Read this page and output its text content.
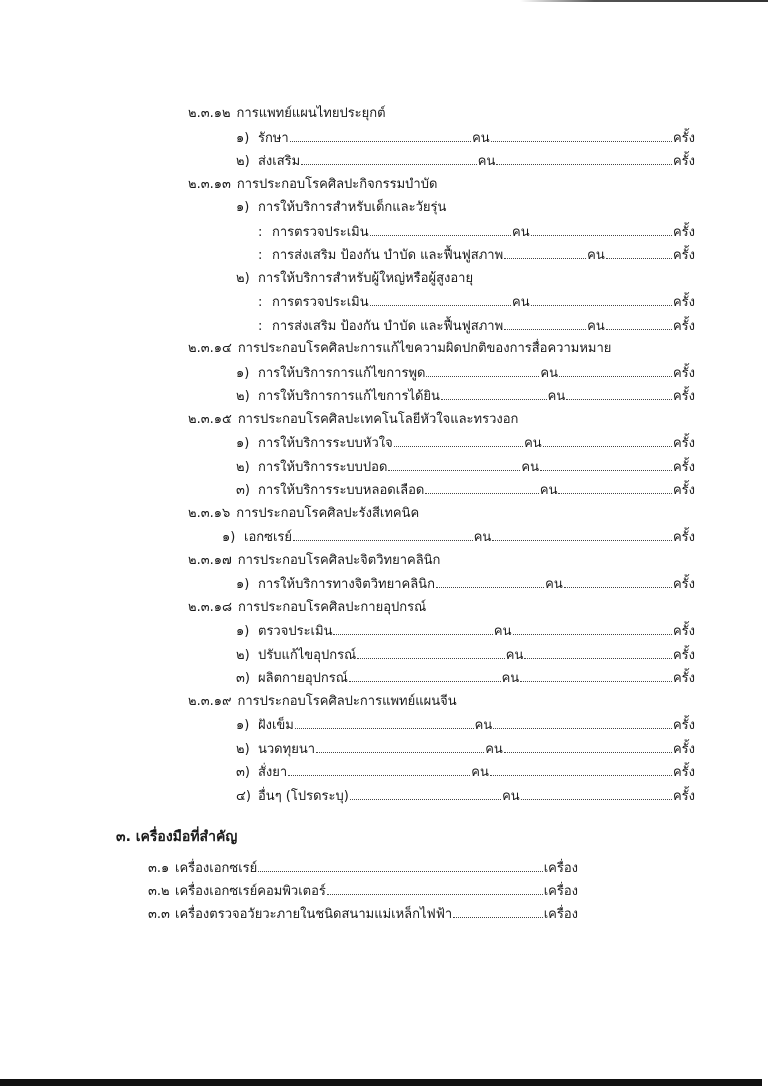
๒.๓.๑๒ การแพทย์แผนไทยประยุกต์
๑) รักษา	คน	ครั้ง
๒) ส่งเสริม	คน	ครั้ง
๒.๓.๑๓ การประกอบโรคศิลปะกิจกรรมบำบัด
๑) การให้บริการสำหรับเด็กและวัยรุ่น
: การตรวจประเมิน	คน	ครั้ง
: การส่งเสริม ป้องกัน บำบัด และฟื้นฟูสภาพ	คน	ครั้ง
๒) การให้บริการสำหรับผู้ใหญ่หรือผู้สูงอายุ
: การตรวจประเมิน	คน	ครั้ง
: การส่งเสริม ป้องกัน บำบัด และฟื้นฟูสภาพ	คน	ครั้ง
๒.๓.๑๔ การประกอบโรคศิลปะการแก้ไขความผิดปกติของการสื่อความหมาย
๑) การให้บริการการแก้ไขการพูด	คน	ครั้ง
๒) การให้บริการการแก้ไขการได้ยิน	คน	ครั้ง
๒.๓.๑๕ การประกอบโรคศิลปะเทคโนโลยีหัวใจและทรวงอก
๑) การให้บริการระบบหัวใจ	คน	ครั้ง
๒) การให้บริการระบบปอด	คน	ครั้ง
๓) การให้บริการระบบหลอดเลือด	คน	ครั้ง
๒.๓.๑๖ การประกอบโรคศิลปะรังสีเทคนิค
๑) เอกซเรย์	คน	ครั้ง
๒.๓.๑๗ การประกอบโรคศิลปะจิตวิทยาคลินิก
๑) การให้บริการทางจิตวิทยาคลินิก	คน	ครั้ง
๒.๓.๑๘ การประกอบโรคศิลปะกายอุปกรณ์
๑) ตรวจประเมิน	คน	ครั้ง
๒) ปรับแก้ไขอุปกรณ์	คน	ครั้ง
๓) ผลิตกายอุปกรณ์	คน	ครั้ง
๒.๓.๑๙ การประกอบโรคศิลปะการแพทย์แผนจีน
๑) ฝังเข็ม	คน	ครั้ง
๒) นวดทุยนา	คน	ครั้ง
๓) สั่งยา	คน	ครั้ง
๔) อื่นๆ (โปรดระบุ)	คน	ครั้ง
๓. เครื่องมือที่สำคัญ
๓.๑ เครื่องเอกซเรย์	เครื่อง
๓.๒ เครื่องเอกซเรย์คอมพิวเตอร์	เครื่อง
๓.๓ เครื่องตรวจอวัยวะภายในชนิดสนามแม่เหล็กไฟฟ้า	เครื่อง
